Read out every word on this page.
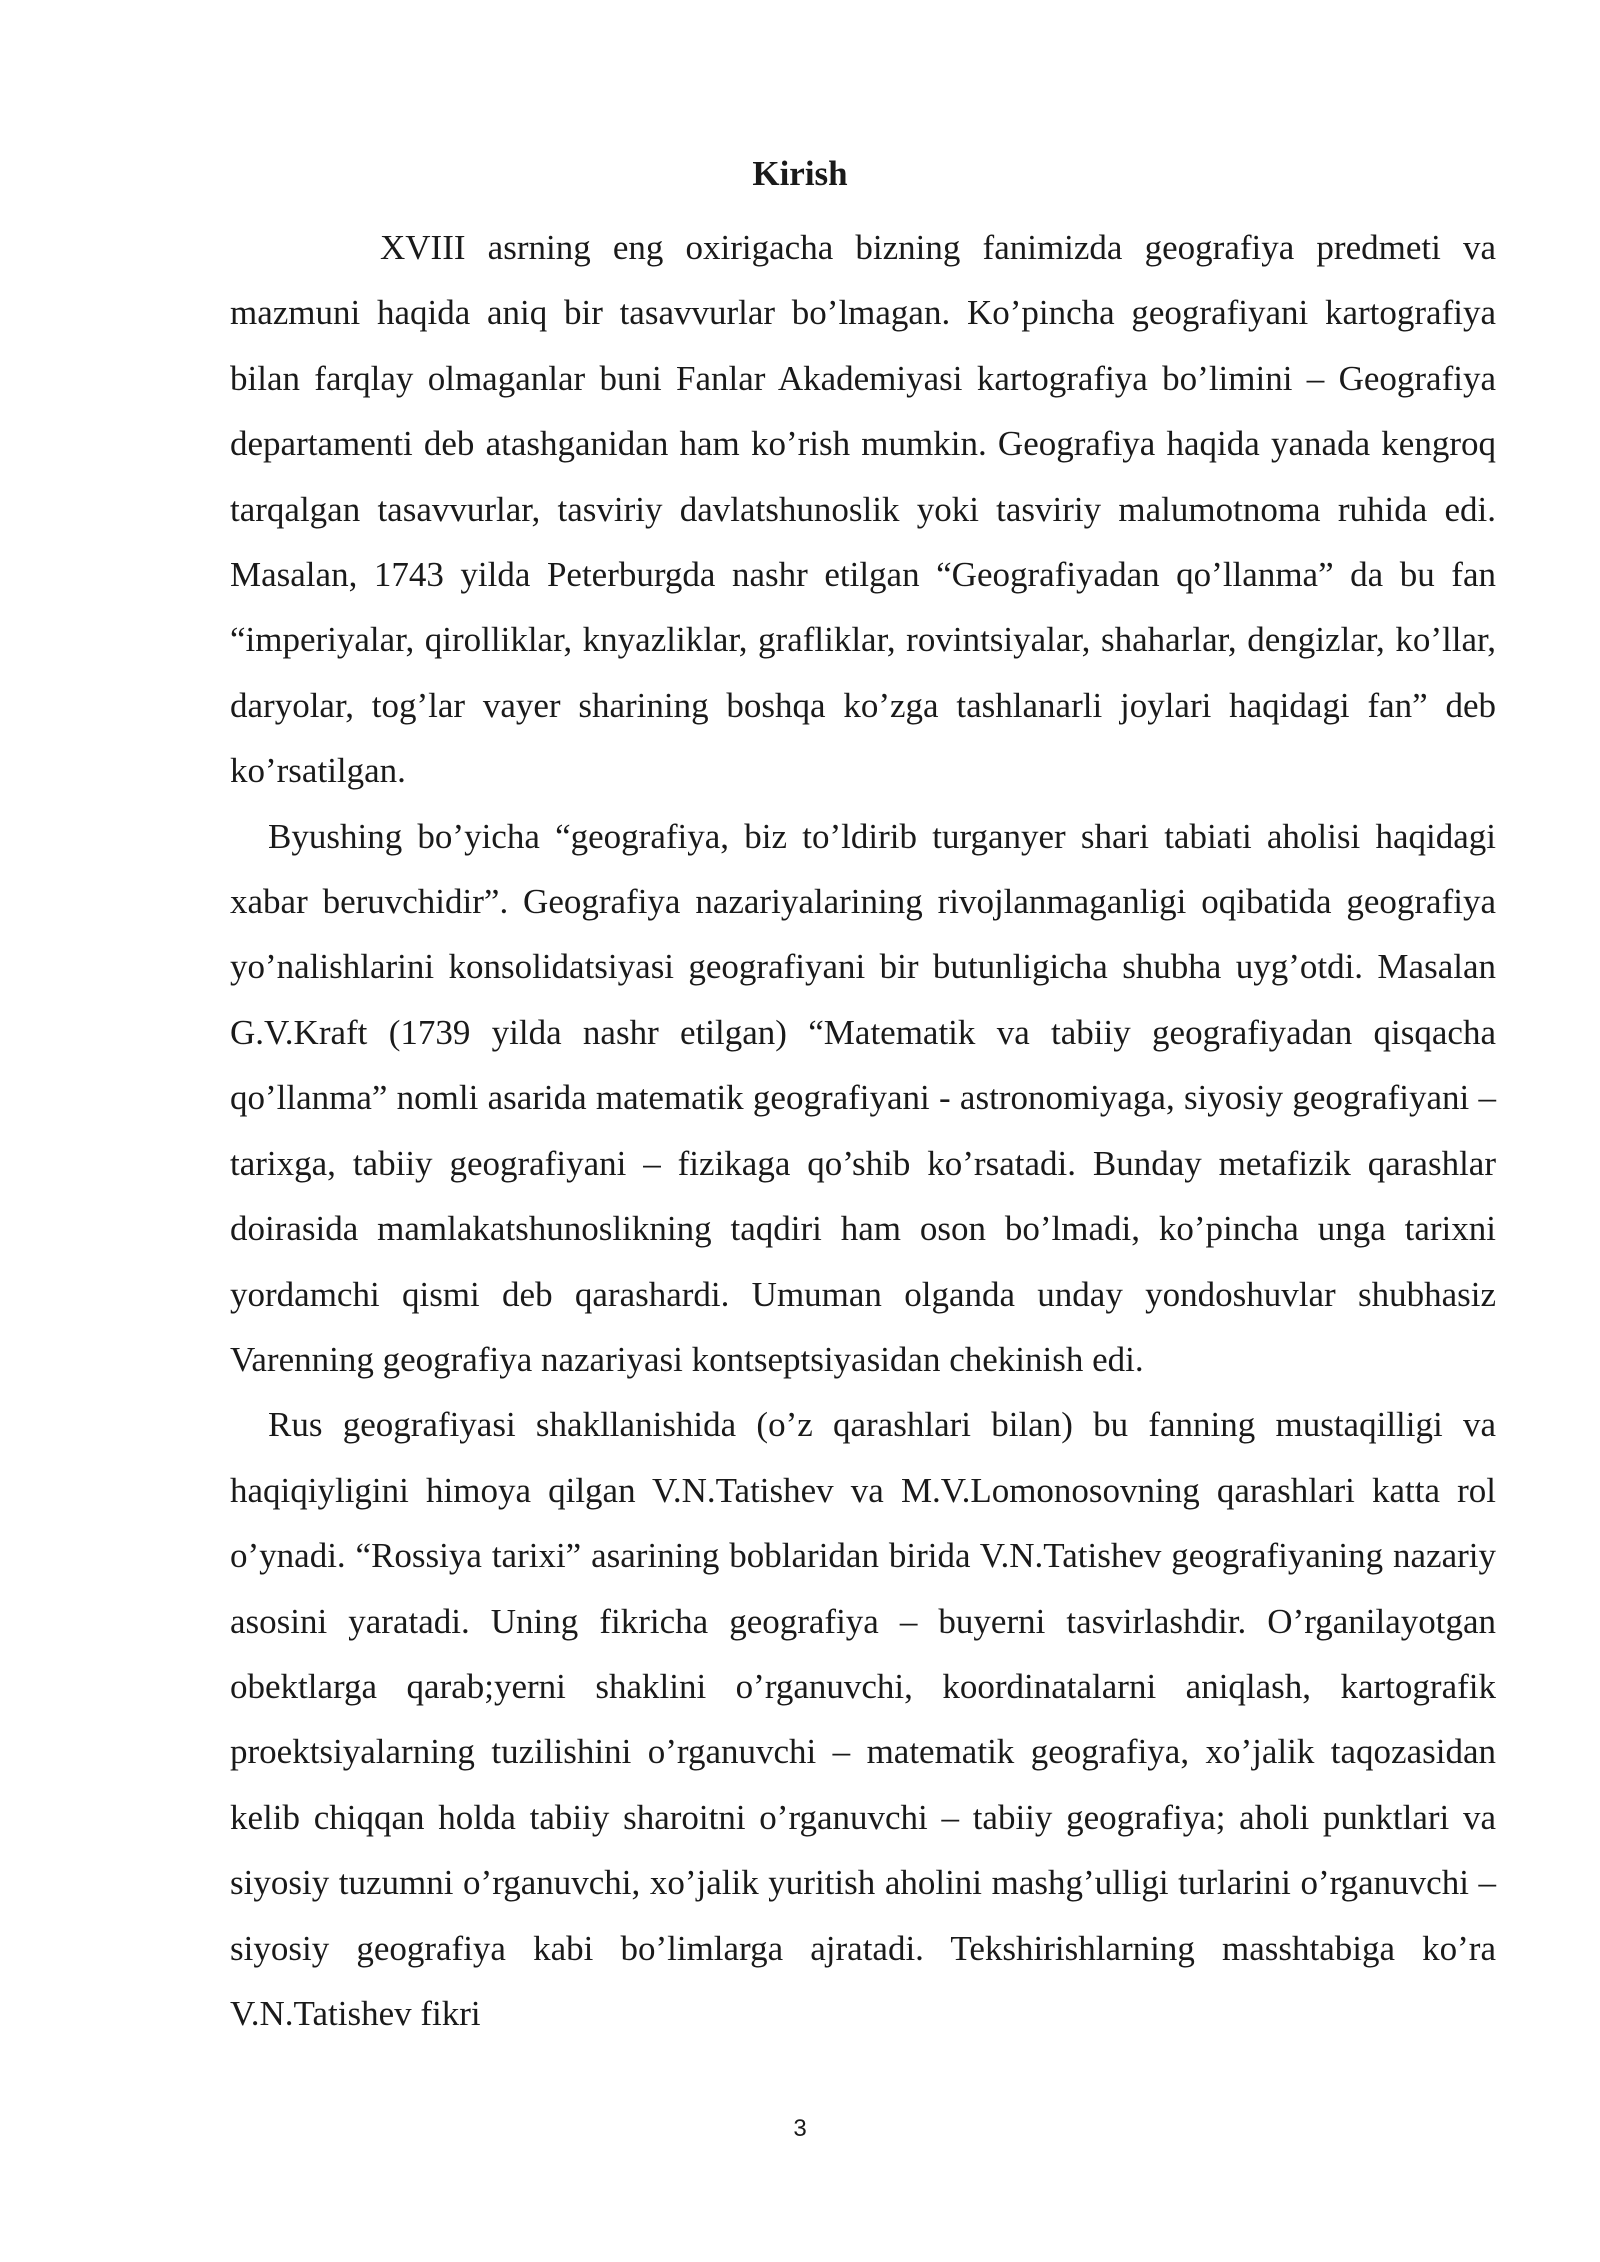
Kirish

XVIII asrning eng oxirigacha bizning fanimizda geografiya predmeti va mazmuni haqida aniq bir tasavvurlar bo’lmagan. Ko’pincha geografiyani kartografiya bilan farqlay olmaganlar buni Fanlar Akademiyasi kartografiya bo’limini – Geografiya departamenti deb atashganidan ham ko’rish mumkin. Geografiya haqida yanada kengroq tarqalgan tasavvurlar, tasviriy davlatshunoslik yoki tasviriy malumotnoma ruhida edi. Masalan, 1743 yilda Peterburgda nashr etilgan “Geografiyadan qo’llanma” da bu fan “imperiyalar, qirolliklar, knyazliklar, grafliklar, rovintsiyalar, shaharlar, dengizlar, ko’llar, daryolar, tog’lar vayer sharining boshqa ko’zga tashlanarli joylari haqidagi fan” deb ko’rsatilgan.

Byushing bo’yicha “geografiya, biz to’ldirib turganyer shari tabiati aholisi haqidagi xabar beruvchidir”. Geografiya nazariyalarining rivojlanmaganligi oqibatida geografiya yo’nalishlarini konsolidatsiyasi geografiyani bir butunligicha shubha uyg’otdi. Masalan G.V.Kraft (1739 yilda nashr etilgan) “Matematik va tabiiy geografiyadan qisqacha qo’llanma” nomli asarida matematik geografiyani - astronomiyaga, siyosiy geografiyani – tarixga, tabiiy geografiyani – fizikaga qo’shib ko’rsatadi. Bunday metafizik qarashlar doirasida mamlakatshunoslikning taqdiri ham oson bo’lmadi, ko’pincha unga tarixni yordamchi qismi deb qarashardi. Umuman olganda unday yondoshuvlar shubhasiz Varenning geografiya nazariyasi kontseptsiyasidan chekinish edi.

Rus geografiyasi shakllanishida (o’z qarashlari bilan) bu fanning mustaqilligi va haqiqiyligini himoya qilgan V.N.Tatishev va M.V.Lomonosovning qarashlari katta rol o’ynadi. “Rossiya tarixi” asarining boblaridan birida V.N.Tatishev geografiyaning nazariy asosini yaratadi. Uning fikricha geografiya – buyerni tasvirlashdir. O’rganilayotgan obektlarga qarab;yerni shaklini o’rganuvchi, koordinatalarni aniqlash, kartografik proektsiyalarning tuzilishini o’rganuvchi – matematik geografiya, xo’jalik taqozasidan kelib chiqqan holda tabiiy sharoitni o’rganuvchi – tabiiy geografiya; aholi punktlari va siyosiy tuzumni o’rganuvchi, xo’jalik yuritish aholini mashg’ulligi turlarini o’rganuvchi – siyosiy geografiya kabi bo’limlarga ajratadi. Tekshirishlarning masshtabiga ko’ra V.N.Tatishev fikri

3
